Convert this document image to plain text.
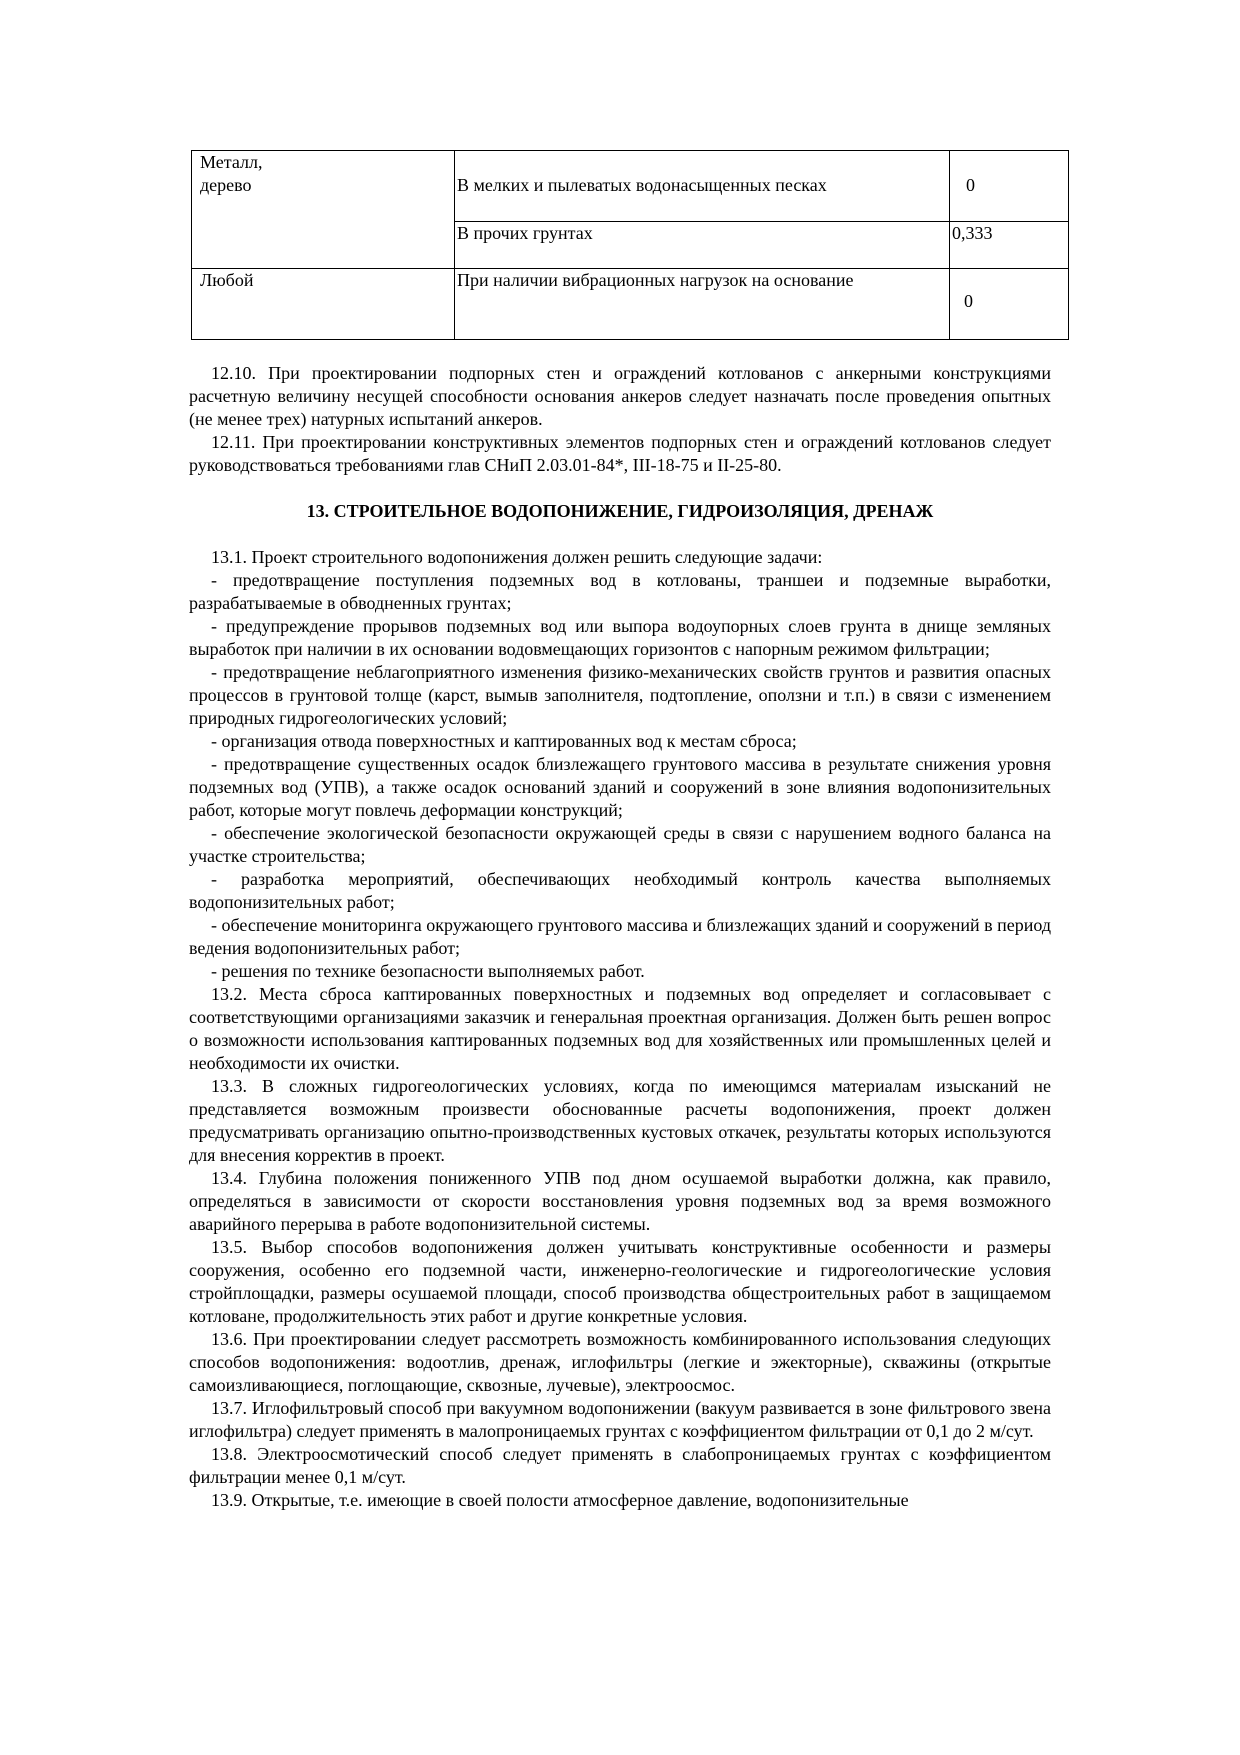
Металл,
дерево	В мелких и пылеватых водонасыщенных песках	0

	В прочих грунтах	0,333
Любой	При наличии вибрационных нагрузок на основание	0

12.10. При проектировании подпорных стен и ограждений котлованов с анкерными конструкциями расчетную величину несущей способности основания анкеров следует назначать после проведения опытных (не менее трех) натурных испытаний анкеров.

12.11. При проектировании конструктивных элементов подпорных стен и ограждений котлованов следует руководствоваться требованиями глав СНиП 2.03.01-84*, III-18-75 и II-25-80.

13. СТРОИТЕЛЬНОЕ ВОДОПОНИЖЕНИЕ, ГИДРОИЗОЛЯЦИЯ, ДРЕНАЖ

13.1. Проект строительного водопонижения должен решить следующие задачи:

- предотвращение поступления подземных вод в котлованы, траншеи и подземные выработки, разрабатываемые в обводненных грунтах;

- предупреждение прорывов подземных вод или выпора водоупорных слоев грунта в днище земляных выработок при наличии в их основании водовмещающих горизонтов с напорным режимом фильтрации;

- предотвращение неблагоприятного изменения физико-механических свойств грунтов и развития опасных процессов в грунтовой толще (карст, вымыв заполнителя, подтопление, оползни и т.п.) в связи с изменением природных гидрогеологических условий;

- организация отвода поверхностных и каптированных вод к местам сброса;

- предотвращение существенных осадок близлежащего грунтового массива в результате снижения уровня подземных вод (УПВ), а также осадок оснований зданий и сооружений в зоне влияния водопонизительных работ, которые могут повлечь деформации конструкций;

- обеспечение экологической безопасности окружающей среды в связи с нарушением водного баланса на участке строительства;

- разработка мероприятий, обеспечивающих необходимый контроль качества выполняемых водопонизительных работ;

- обеспечение мониторинга окружающего грунтового массива и близлежащих зданий и сооружений в период ведения водопонизительных работ;

- решения по технике безопасности выполняемых работ.

13.2. Места сброса каптированных поверхностных и подземных вод определяет и согласовывает с соответствующими организациями заказчик и генеральная проектная организация. Должен быть решен вопрос о возможности использования каптированных подземных вод для хозяйственных или промышленных целей и необходимости их очистки.

13.3. В сложных гидрогеологических условиях, когда по имеющимся материалам изысканий не представляется возможным произвести обоснованные расчеты водопонижения, проект должен предусматривать организацию опытно-производственных кустовых откачек, результаты которых используются для внесения корректив в проект.

13.4. Глубина положения пониженного УПВ под дном осушаемой выработки должна, как правило, определяться в зависимости от скорости восстановления уровня подземных вод за время возможного аварийного перерыва в работе водопонизительной системы.

13.5. Выбор способов водопонижения должен учитывать конструктивные особенности и размеры сооружения, особенно его подземной части, инженерно-геологические и гидрогеологические условия стройплощадки, размеры осушаемой площади, способ производства общестроительных работ в защищаемом котловане, продолжительность этих работ и другие конкретные условия.

13.6. При проектировании следует рассмотреть возможность комбинированного использования следующих способов водопонижения: водоотлив, дренаж, иглофильтры (легкие и эжекторные), скважины (открытые самоизливающиеся, поглощающие, сквозные, лучевые), электроосмос.

13.7. Иглофильтровый способ при вакуумном водопонижении (вакуум развивается в зоне фильтрового звена иглофильтра) следует применять в малопроницаемых грунтах с коэффициентом фильтрации от 0,1 до 2 м/сут.

13.8. Электроосмотический способ следует применять в слабопроницаемых грунтах с коэффициентом фильтрации менее 0,1 м/сут.

13.9. Открытые, т.е. имеющие в своей полости атмосферное давление, водопонизительные
